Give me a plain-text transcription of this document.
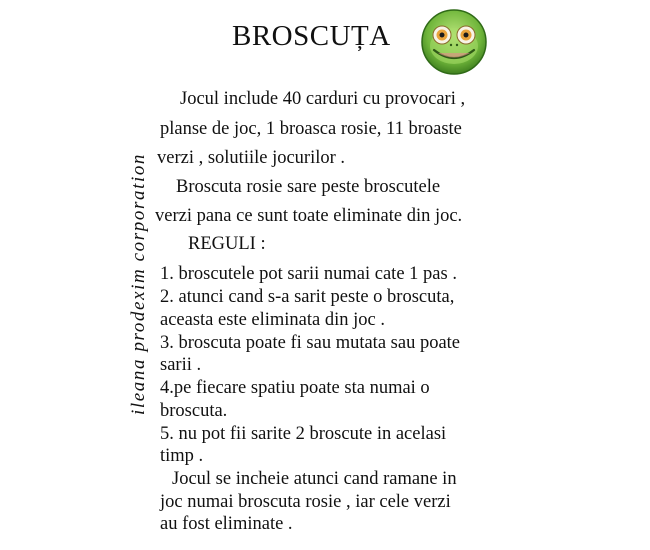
BROSCUȚA
ileana prodexim corporation
Jocul include 40 carduri cu provocari ,
planse de joc, 1 broasca rosie, 11 broaste
verzi , solutiile jocurilor .
Broscuta rosie sare peste broscutele
verzi pana ce sunt toate eliminate din joc.
REGULI :
1. broscutele pot sarii numai cate 1 pas .
2. atunci cand s-a sarit peste o broscuta,
aceasta este eliminata din joc .
3. broscuta poate fi sau mutata sau poate
sarii .
4.pe fiecare spatiu poate sta numai o
broscuta.
5. nu pot fii sarite 2 broscute in acelasi
timp .
Jocul se incheie atunci cand ramane in
joc numai broscuta rosie , iar cele verzi
au fost eliminate .
